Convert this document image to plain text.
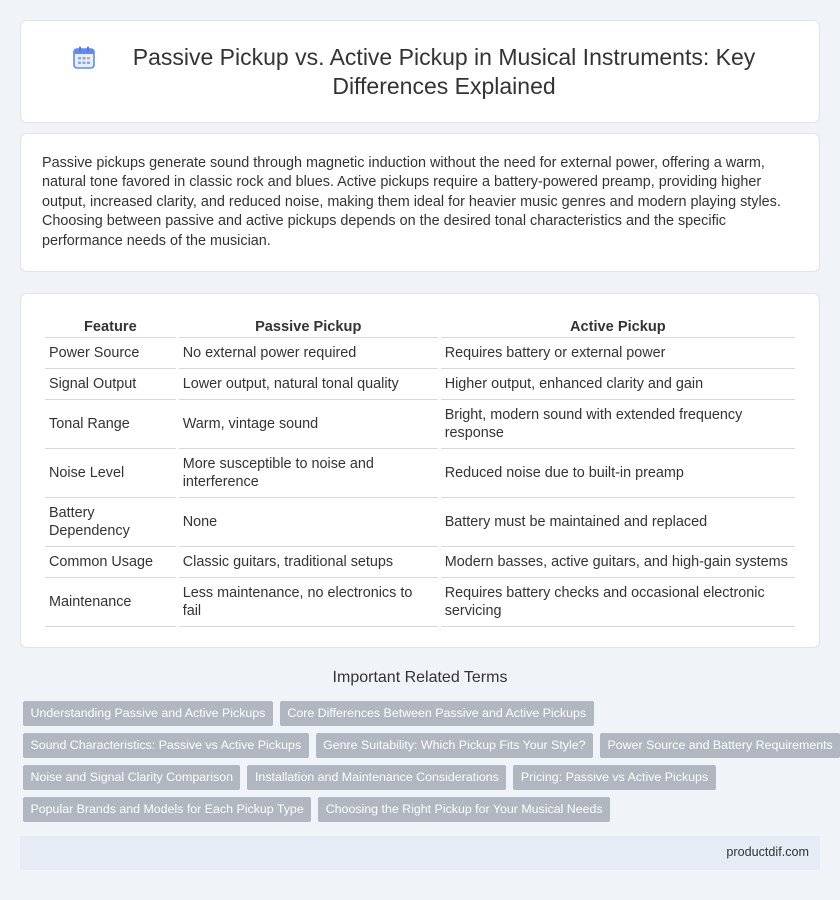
Passive Pickup vs. Active Pickup in Musical Instruments: Key Differences Explained

Passive pickups generate sound through magnetic induction without the need for external power, offering a warm, natural tone favored in classic rock and blues. Active pickups require a battery-powered preamp, providing higher output, increased clarity, and reduced noise, making them ideal for heavier music genres and modern playing styles. Choosing between passive and active pickups depends on the desired tonal characteristics and the specific performance needs of the musician.

Feature	Passive Pickup	Active Pickup
Power Source	No external power required	Requires battery or external power
Signal Output	Lower output, natural tonal quality	Higher output, enhanced clarity and gain
Tonal Range	Warm, vintage sound	Bright, modern sound with extended frequency response
Noise Level	More susceptible to noise and interference	Reduced noise due to built-in preamp
Battery Dependency	None	Battery must be maintained and replaced
Common Usage	Classic guitars, traditional setups	Modern basses, active guitars, and high-gain systems
Maintenance	Less maintenance, no electronics to fail	Requires battery checks and occasional electronic servicing
Important Related Terms
Understanding Passive and Active Pickups	Core Differences Between Passive and Active Pickups
Sound Characteristics: Passive vs Active Pickups	Genre Suitability: Which Pickup Fits Your Style?	Power Source and Battery Requirements
Noise and Signal Clarity Comparison	Installation and Maintenance Considerations	Pricing: Passive vs Active Pickups
Popular Brands and Models for Each Pickup Type	Choosing the Right Pickup for Your Musical Needs
productdif.com
